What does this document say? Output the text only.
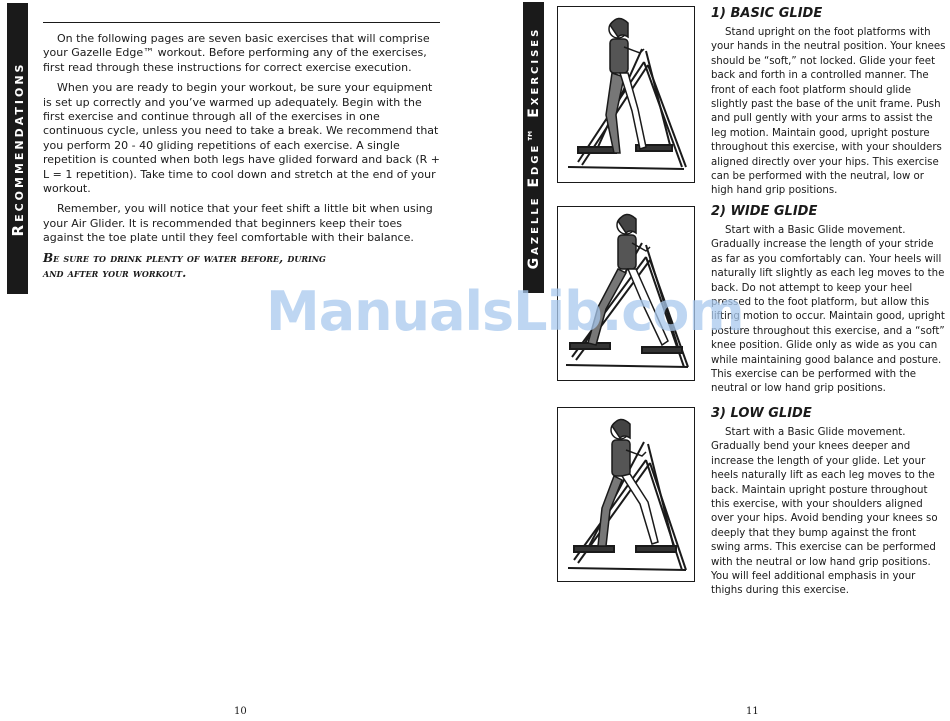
Recommendations

On the following pages are seven basic exercises that will comprise your Gazelle Edge™ workout. Before performing any of the exercises, first read through these instructions for correct exercise execution.

When you are ready to begin your workout, be sure your equipment is set up correctly and you’ve warmed up adequately. Begin with the first exercise and continue through all of the exercises in one continuous cycle, unless you need to take a break. We recommend that you perform 20 - 40 gliding repetitions of each exercise. A single repetition is counted when both legs have glided forward and back (R + L = 1 repetition). Take time to cool down and stretch at the end of your workout.

Remember, you will notice that your feet shift a little bit when using your Air Glider. It is recommended that beginners keep their toes against the toe plate until they feel comfortable with their balance.

Be sure to drink plenty of water before, during and after your workout.
10
Gazelle Edge™ Exercises
1) BASIC GLIDE

Stand upright on the foot platforms with your hands in the neutral position. Your knees should be “soft,” not locked. Glide your feet back and forth in a controlled manner. The front of each foot platform should glide slightly past the base of the unit frame. Push and pull gently with your arms to assist the leg motion. Maintain good, upright posture throughout this exercise, with your shoulders aligned directly over your hips. This exercise can be performed with the neutral, low or high hand grip positions.

2) WIDE GLIDE

Start with a Basic Glide movement. Gradually increase the length of your stride as far as you comfortably can. Your heels will naturally lift slightly as each leg moves to the back. Do not attempt to keep your heel pressed to the foot platform, but allow this lifting motion to occur. Maintain good, upright posture throughout this exercise, and a “soft” knee position. Glide only as wide as you can while maintaining good balance and posture. This exercise can be performed with the neutral or low hand grip positions.

3) LOW GLIDE

Start with a Basic Glide movement. Gradually bend your knees deeper and increase the length of your glide. Let your heels naturally lift as each leg moves to the back. Maintain upright posture throughout this exercise, with your shoulders aligned over your hips. Avoid bending your knees so deeply that they bump against the front swing arms. This exercise can be performed with the neutral or low hand grip positions. You will feel additional emphasis in your thighs during this exercise.

11
ManualsLib.com
